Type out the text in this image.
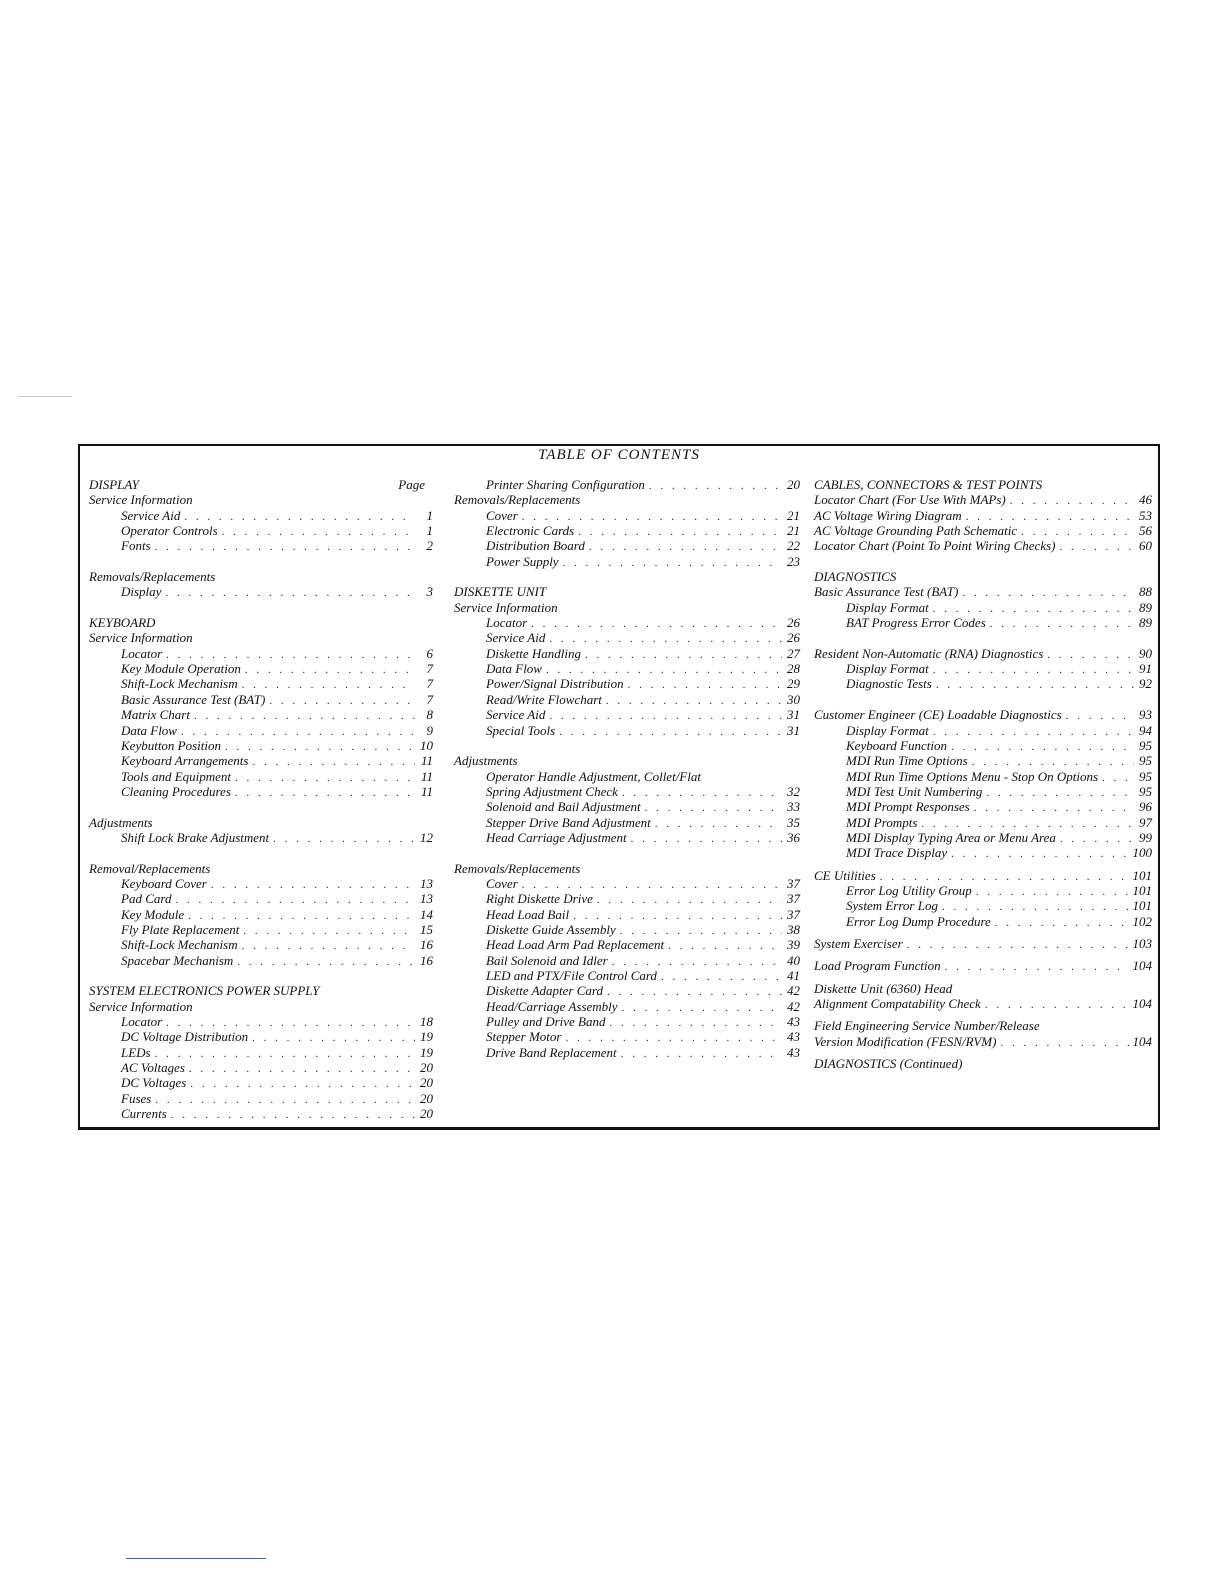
TABLE OF CONTENTS
DISPLAY	Page
Service Information
Service Aid . . .	1
Operator Controls . . .	1
Fonts . . .	2
Removals/Replacements
Display . . .	3
KEYBOARD
Service Information
Locator . . .	6
Key Module Operation . . .	7
Shift-Lock Mechanism . . .	7
Basic Assurance Test (BAT) . . .	7
Matrix Chart . . .	8
Data Flow . . .	9
Keybutton Position . . .	10
Keyboard Arrangements . . .	11
Tools and Equipment . . .	11
Cleaning Procedures . . .	11
Adjustments
Shift Lock Brake Adjustment . . .	12
Removal/Replacements
Keyboard Cover . . .	13
Pad Card . . .	13
Key Module . . .	14
Fly Plate Replacement . . .	15
Shift-Lock Mechanism . . .	16
Spacebar Mechanism . . .	16
SYSTEM ELECTRONICS POWER SUPPLY
Service Information
Locator . . .	18
DC Voltage Distribution . . .	19
LEDs . . .	19
AC Voltages . . .	20
DC Voltages . . .	20
Fuses . . .	20
Currents . . .	20
Printer Sharing Configuration . . .	20
Removals/Replacements
Cover . . .	21
Electronic Cards . . .	21
Distribution Board . . .	22
Power Supply . . .	23
DISKETTE UNIT
Service Information
Locator . . .	26
Service Aid . . .	26
Diskette Handling . . .	27
Data Flow . . .	28
Power/Signal Distribution . . .	29
Read/Write Flowchart . . .	30
Service Aid . . .	31
Special Tools . . .	31
Adjustments
Operator Handle Adjustment, Collet/Flat
Spring Adjustment Check . . .	32
Solenoid and Bail Adjustment . . .	33
Stepper Drive Band Adjustment . . .	35
Head Carriage Adjustment . . .	36
Removals/Replacements
Cover . . .	37
Right Diskette Drive . . .	37
Head Load Bail . . .	37
Diskette Guide Assembly . . .	38
Head Load Arm Pad Replacement . . .	39
Bail Solenoid and Idler . . .	40
LED and PTX/File Control Card . . .	41
Diskette Adapter Card . . .	42
Head/Carriage Assembly . . .	42
Pulley and Drive Band . . .	43
Stepper Motor . . .	43
Drive Band Replacement . . .	43
CABLES, CONNECTORS & TEST POINTS
Locator Chart (For Use With MAPs) . . .	46
AC Voltage Wiring Diagram . . .	53
AC Voltage Grounding Path Schematic . . .	56
Locator Chart (Point To Point Wiring Checks) . . .	60
DIAGNOSTICS
Basic Assurance Test (BAT) . . .	88
Display Format . . .	89
BAT Progress Error Codes . . .	89
Resident Non-Automatic (RNA) Diagnostics . . .	90
Display Format . . .	91
Diagnostic Tests . . .	92
Customer Engineer (CE) Loadable Diagnostics . . .	93
Display Format . . .	94
Keyboard Function . . .	95
MDI Run Time Options . . .	95
MDI Run Time Options Menu - Stop On Options . . .	95
MDI Test Unit Numbering . . .	95
MDI Prompt Responses . . .	96
MDI Prompts . . .	97
MDI Display Typing Area or Menu Area . . .	99
MDI Trace Display . . .	100
CE Utilities . . .	101
Error Log Utility Group . . .	101
System Error Log . . .	101
Error Log Dump Procedure . . .	102
System Exerciser . . .	103
Load Program Function . . .	104
Diskette Unit (6360) Head
Alignment Compatability Check . . .	104
Field Engineering Service Number/Release
Version Modification (FESN/RVM) . . .	104
DIAGNOSTICS (Continued)
